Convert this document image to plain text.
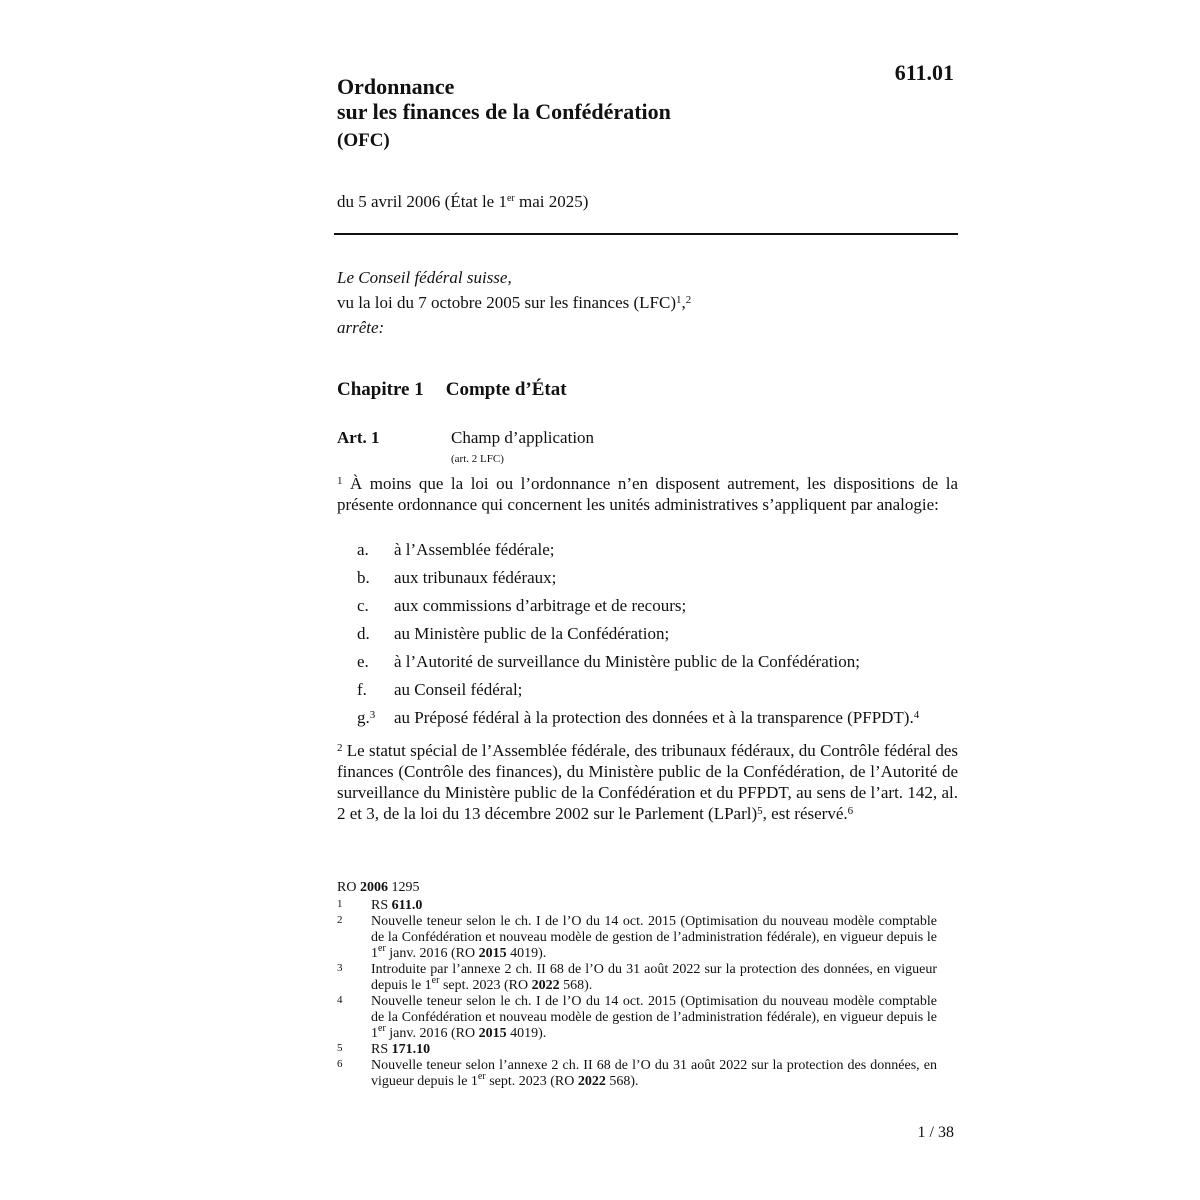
611.01
Ordonnance
sur les finances de la Confédération
(OFC)
du 5 avril 2006 (État le 1er mai 2025)
Le Conseil fédéral suisse,
vu la loi du 7 octobre 2005 sur les finances (LFC)$^1$,$^2$
arrête:
Chapitre 1 Compte d’État
Art. 1	Champ d’application
(art. 2 LFC)
$^1$ À moins que la loi ou l’ordonnance n’en disposent autrement, les dispositions de la présente ordonnance qui concernent les unités administratives s’appliquent par analogie:
a.	à l’Assemblée fédérale;
b.	aux tribunaux fédéraux;
c.	aux commissions d’arbitrage et de recours;
d.	au Ministère public de la Confédération;
e.	à l’Autorité de surveillance du Ministère public de la Confédération;
f.	au Conseil fédéral;
g.$^3$	au Préposé fédéral à la protection des données et à la transparence (PFPDT).$^4$
$^2$ Le statut spécial de l’Assemblée fédérale, des tribunaux fédéraux, du Contrôle fédéral des finances (Contrôle des finances), du Ministère public de la Confédération, de l’Autorité de surveillance du Ministère public de la Confédération et du PFPDT, au sens de l’art. 142, al. 2 et 3, de la loi du 13 décembre 2002 sur le Parlement (LParl)$^5$, est réservé.$^6$
RO 2006 1295
1	RS 611.0
2	Nouvelle teneur selon le ch. I de l’O du 14 oct. 2015 (Optimisation du nouveau modèle comptable de la Confédération et nouveau modèle de gestion de l’administration fédérale), en vigueur depuis le 1er janv. 2016 (RO 2015 4019).
3	Introduite par l’annexe 2 ch. II 68 de l’O du 31 août 2022 sur la protection des données, en vigueur depuis le 1er sept. 2023 (RO 2022 568).
4	Nouvelle teneur selon le ch. I de l’O du 14 oct. 2015 (Optimisation du nouveau modèle comptable de la Confédération et nouveau modèle de gestion de l’administration fédérale), en vigueur depuis le 1er janv. 2016 (RO 2015 4019).
5	RS 171.10
6	Nouvelle teneur selon l’annexe 2 ch. II 68 de l’O du 31 août 2022 sur la protection des données, en vigueur depuis le 1er sept. 2023 (RO 2022 568).
1 / 38
